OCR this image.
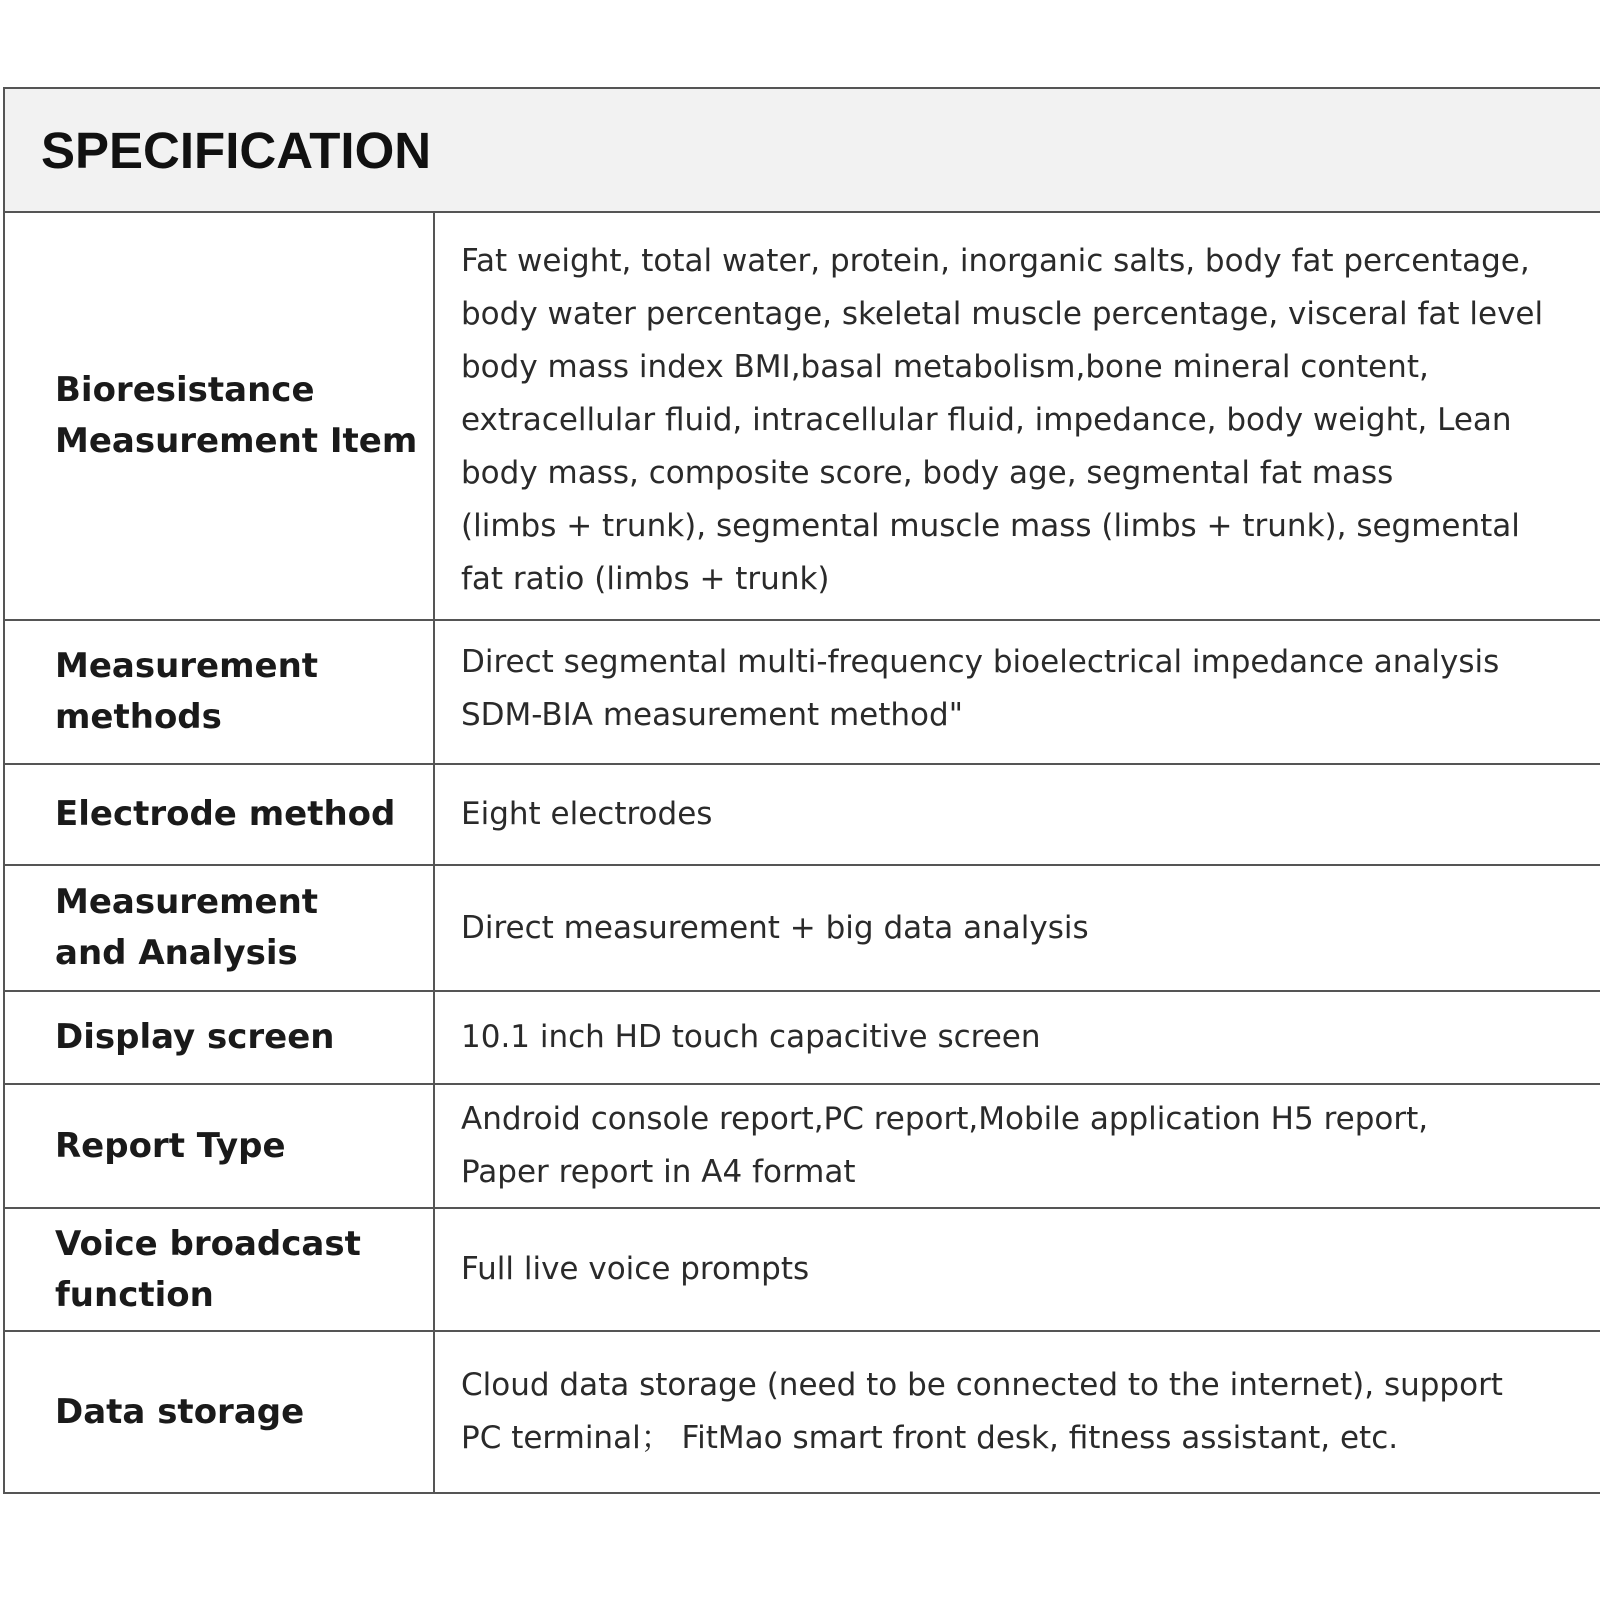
SPECIFICATION
Bioresistance
Measurement Item
Fat weight, total water, protein, inorganic salts, body fat percentage,
body water percentage, skeletal muscle percentage, visceral fat level
body mass index BMI,basal metabolism,bone mineral content,
extracellular fluid, intracellular fluid, impedance, body weight, Lean
body mass, composite score, body age, segmental fat mass
(limbs + trunk), segmental muscle mass (limbs + trunk), segmental
fat ratio (limbs + trunk)
Measurement
methods
Direct segmental multi-frequency bioelectrical impedance analysis
SDM-BIA measurement method"
Electrode method Eight electrodes
Measurement
and Analysis
Direct measurement + big data analysis
Display screen	10.1 inch HD touch capacitive screen
Report Type
Android console report,PC report,Mobile application H5 report,
Paper report in A4 format
Voice broadcast
function
Full live voice prompts
Data storage
Cloud data storage (need to be connected to the internet), support
PC terminal； FitMao smart front desk, fitness assistant, etc.
